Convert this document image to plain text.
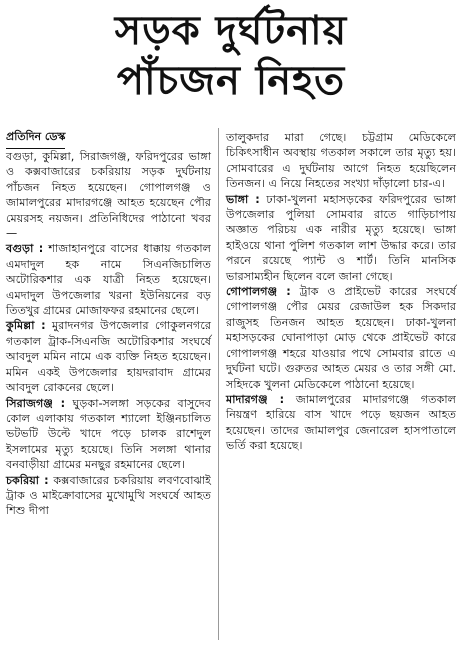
সড়ক দুর্ঘটনায়
পাঁচজন নিহত
প্রতিদিন ডেস্ক

বগুড়া, কুমিল্লা, সিরাজগঞ্জ, ফরিদপুরের ভাঙ্গা ও কক্সবাজারের চকরিয়ায় সড়ক দুর্ঘটনায় পাঁচজন নিহত হয়েছেন। গোপালগঞ্জ ও জামালপুরের মাদারগঞ্জে আহত হয়েছেন পৌর মেয়রসহ নয়জন। প্রতিনিধিদের পাঠানো খবর—

বগুড়া : শাজাহানপুরে বাসের ধাক্কায় গতকাল এমদাদুল হক নামে সিএনজিচালিত অটোরিকশার এক যাত্রী নিহত হয়েছেন। এমদাদুল উপজেলার খরনা ইউনিয়নের বড় তিতখুর গ্রামের মোজাফফর রহমানের ছেলে।

কুমিল্লা : মুরাদনগর উপজেলার গোকুলনগরে গতকাল ট্রাক-সিএনজি অটোরিকশার সংঘর্ষে আবদুল মমিন নামে এক ব্যক্তি নিহত হয়েছেন। মমিন একই উপজেলার হায়দরাবাদ গ্রামের আবদুল রোকনের ছেলে।

সিরাজগঞ্জ : ঘুড়কা-সলঙ্গা সড়কের বাসুদেব কোল এলাকায় গতকাল শ্যালো ইঞ্জিনচালিত ভটভটি উল্টে খাদে পড়ে চালক রাশেদুল ইসলামের মৃত্যু হয়েছে। তিনি সলঙ্গা থানার বনবাড়ীয়া গ্রামের মনছুর রহমানের ছেলে।

চকরিয়া : কক্সবাজারের চকরিয়ায় লবণবোঝাই ট্রাক ও মাইক্রোবাসের মুখোমুখি সংঘর্ষে আহত শিশু দীপা

তালুকদার মারা গেছে। চট্টগ্রাম মেডিকেলে চিকিৎসাধীন অবস্থায় গতকাল সকালে তার মৃত্যু হয়। সোমবারের এ দুর্ঘটনায় আগে নিহত হয়েছিলেন তিনজন। এ নিয়ে নিহতের সংখ্যা দাঁড়ালো চার-এ।

ভাঙ্গা : ঢাকা-খুলনা মহাসড়কের ফরিদপুরের ভাঙ্গা উপজেলার পুলিয়া সোমবার রাতে গাড়িচাপায় অজ্ঞাত পরিচয় এক নারীর মৃত্যু হয়েছে। ভাঙ্গা হাইওয়ে থানা পুলিশ গতকাল লাশ উদ্ধার করে। তার পরনে রয়েছে প্যান্ট ও শার্ট। তিনি মানসিক ভারসাম্যহীন ছিলেন বলে জানা গেছে।

গোপালগঞ্জ : ট্রাক ও প্রাইভেট কারের সংঘর্ষে গোপালগঞ্জ পৌর মেয়র রেজাউল হক সিকদার রাজুসহ তিনজন আহত হয়েছেন। ঢাকা-খুলনা মহাসড়কের ঘোনাপাড়া মোড় থেকে প্রাইভেট কারে গোপালগঞ্জ শহরে যাওয়ার পথে সোমবার রাতে এ দুর্ঘটনা ঘটে। গুরুতর আহত মেয়র ও তার সঙ্গী মো. সহিদকে খুলনা মেডিকেলে পাঠানো হয়েছে।

মাদারগঞ্জ : জামালপুরের মাদারগঞ্জে গতকাল নিয়ন্ত্রণ হারিয়ে বাস খাদে পড়ে ছয়জন আহত হয়েছেন। তাদের জামালপুর জেনারেল হাসপাতালে ভর্তি করা হয়েছে।
